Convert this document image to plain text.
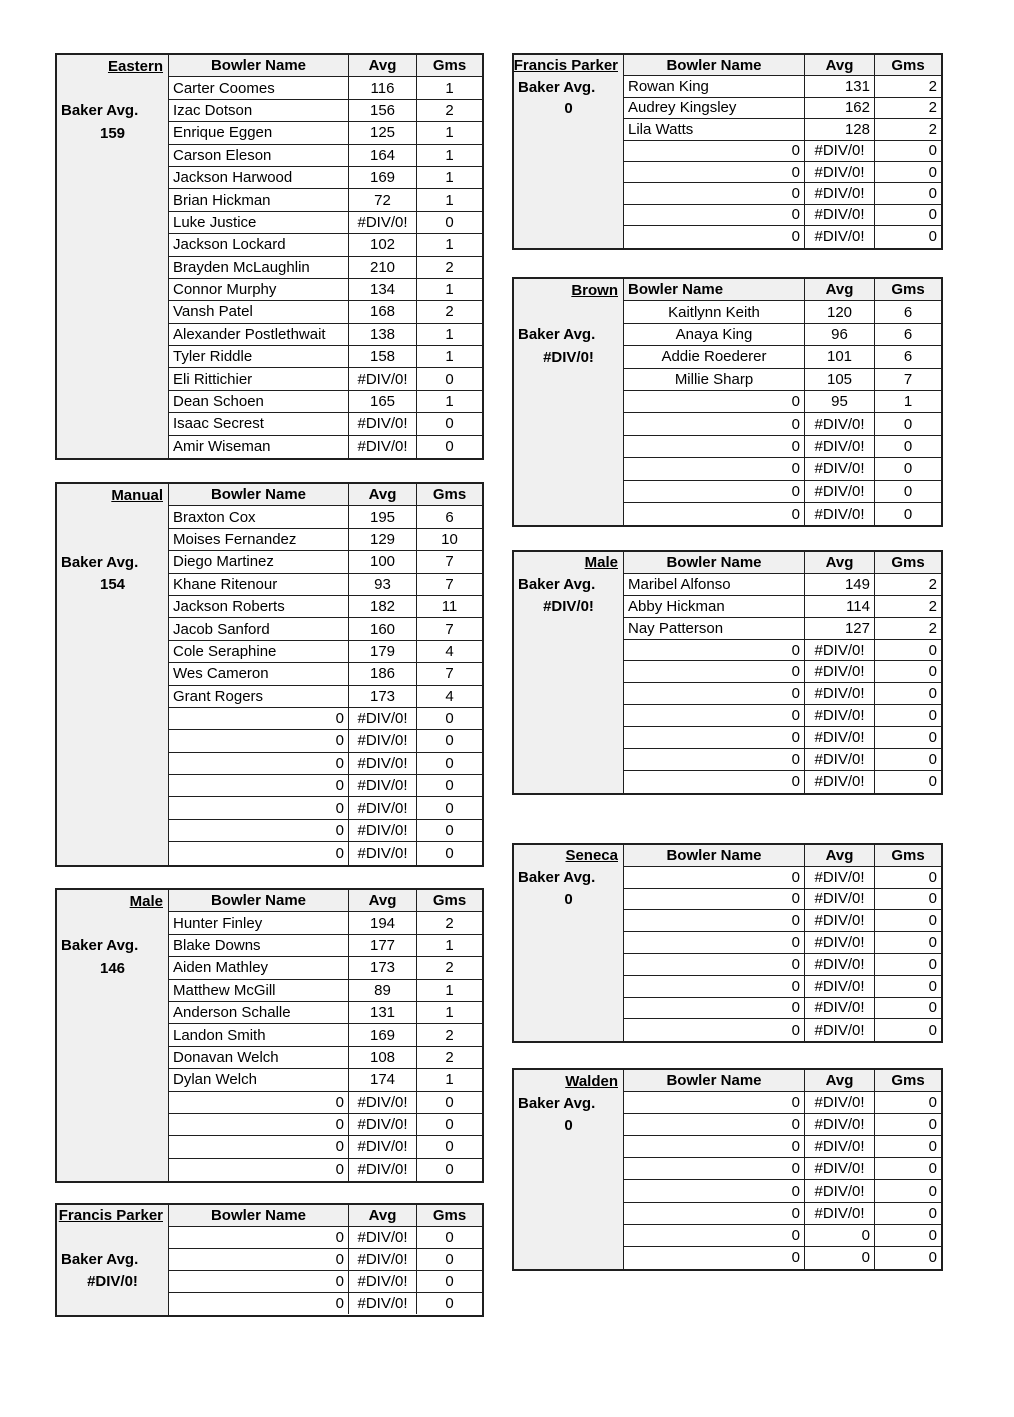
Eastern
Baker Avg.
159
Bowler Name	Avg	Gms
Carter Coomes	116	1
Izac Dotson	156	2
Enrique Eggen	125	1
Carson Eleson	164	1
Jackson Harwood	169	1
Brian Hickman	72	1
Luke Justice	#DIV/0!	0
Jackson Lockard	102	1
Brayden McLaughlin	210	2
Connor Murphy	134	1
Vansh Patel	168	2
Alexander Postlethwait	138	1
Tyler Riddle	158	1
Eli Rittichier	#DIV/0!	0
Dean Schoen	165	1
Isaac Secrest	#DIV/0!	0
Amir Wiseman	#DIV/0!	0
Manual
Baker Avg.
154
Bowler Name	Avg	Gms
Braxton Cox	195	6
Moises Fernandez	129	10
Diego Martinez	100	7
Khane Ritenour	93	7
Jackson Roberts	182	11
Jacob Sanford	160	7
Cole Seraphine	179	4
Wes Cameron	186	7
Grant Rogers	173	4
0 #DIV/0!	0
0 #DIV/0!	0
0 #DIV/0!	0
0 #DIV/0!	0
0 #DIV/0!	0
0 #DIV/0!	0
0 #DIV/0!	0
Male
Baker Avg.
146
Bowler Name	Avg	Gms
Hunter Finley	194	2
Blake Downs	177	1
Aiden Mathley	173	2
Matthew McGill	89	1
Anderson Schalle	131	1
Landon Smith	169	2
Donavan Welch	108	2
Dylan Welch	174	1
0 #DIV/0!	0
0 #DIV/0!	0
0 #DIV/0!	0
0 #DIV/0!	0
Francis Parker
Baker Avg.
#DIV/0!
Bowler Name	Avg	Gms
0 #DIV/0!	0
0 #DIV/0!	0
0 #DIV/0!	0
0 #DIV/0!	0
Francis Parker
Baker Avg.
0
Bowler Name	Avg	Gms
Rowan King	131	2
Audrey Kingsley	162	2
Lila Watts	128	2
0 #DIV/0!	0
0 #DIV/0!	0
0 #DIV/0!	0
0 #DIV/0!	0
0 #DIV/0!	0
Brown
Baker Avg.
#DIV/0!
Bowler Name	Avg	Gms
Kaitlynn Keith	120	6
Anaya King	96	6
Addie Roederer	101	6
Millie Sharp	105	7
0	95	1
0 #DIV/0!	0
0 #DIV/0!	0
0 #DIV/0!	0
0 #DIV/0!	0
0 #DIV/0!	0
Male
Baker Avg.
#DIV/0!
Bowler Name	Avg	Gms
Maribel Alfonso	149	2
Abby Hickman	114	2
Nay Patterson	127	2
0 #DIV/0!	0
0 #DIV/0!	0
0 #DIV/0!	0
0 #DIV/0!	0
0 #DIV/0!	0
0 #DIV/0!	0
0 #DIV/0!	0
Seneca
Baker Avg.
0
Bowler Name	Avg	Gms
0 #DIV/0!	0
0 #DIV/0!	0
0 #DIV/0!	0
0 #DIV/0!	0
0 #DIV/0!	0
0 #DIV/0!	0
0 #DIV/0!	0
0 #DIV/0!	0
Walden
Baker Avg.
0
Bowler Name	Avg	Gms
0 #DIV/0!	0
0 #DIV/0!	0
0 #DIV/0!	0
0 #DIV/0!	0
0 #DIV/0!	0
0 #DIV/0!	0
0	0	0
0	0	0
